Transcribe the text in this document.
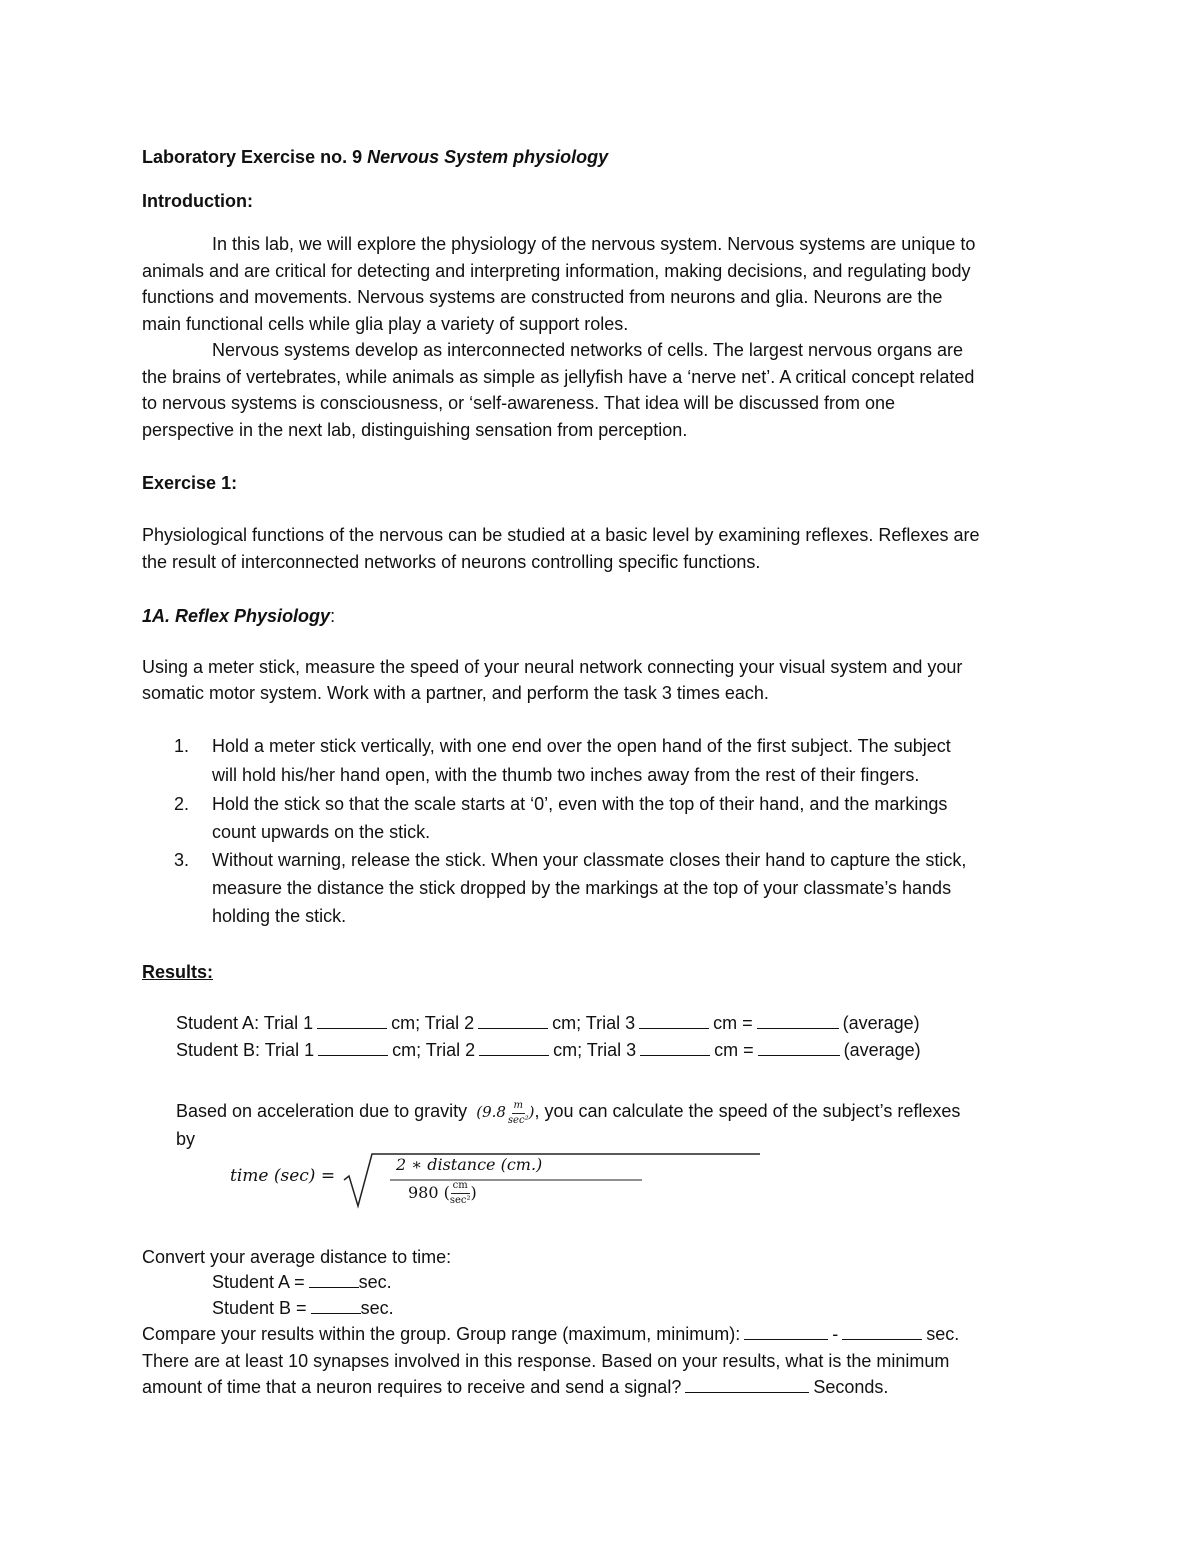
Laboratory Exercise no. 9 Nervous System physiology
Introduction:
In this lab, we will explore the physiology of the nervous system. Nervous systems are unique to
animals and are critical for detecting and interpreting information, making decisions, and regulating body
functions and movements. Nervous systems are constructed from neurons and glia. Neurons are the
main functional cells while glia play a variety of support roles.
Nervous systems develop as interconnected networks of cells. The largest nervous organs are
the brains of vertebrates, while animals as simple as jellyfish have a ‘nerve net’. A critical concept related
to nervous systems is consciousness, or ‘self-awareness. That idea will be discussed from one
perspective in the next lab, distinguishing sensation from perception.
Exercise 1:
Physiological functions of the nervous can be studied at a basic level by examining reflexes. Reflexes are
the result of interconnected networks of neurons controlling specific functions.
1A. Reflex Physiology:
Using a meter stick, measure the speed of your neural network connecting your visual system and your
somatic motor system. Work with a partner, and perform the task 3 times each.
1.	Hold a meter stick vertically, with one end over the open hand of the first subject. The subject
will hold his/her hand open, with the thumb two inches away from the rest of their fingers.
2.	Hold the stick so that the scale starts at ‘0’, even with the top of their hand, and the markings
count upwards on the stick.
3.	Without warning, release the stick. When your classmate closes their hand to capture the stick,
measure the distance the stick dropped by the markings at the top of your classmate’s hands
holding the stick.
Results:
Student A: Trial 1	cm; Trial 2	cm; Trial 3	cm =	(average)
Student B: Trial 1	cm; Trial 2	cm; Trial 3	cm =	(average)
Based on acceleration due to gravity ($9.8 \frac{m}{\text{sec²}}$ ), you can calculate the speed of the subject’s reflexes
by
time (sec) =
2 ∗ distance (cm.)
980 ( $\frac{cm}{\text{sec²}}$ )
Convert your average distance to time:
Student A =	sec.
Student B =	sec.
Compare your results within the group. Group range (maximum, minimum):	-	sec.
There are at least 10 synapses involved in this response. Based on your results, what is the minimum
amount of time that a neuron requires to receive and send a signal?	Seconds.
